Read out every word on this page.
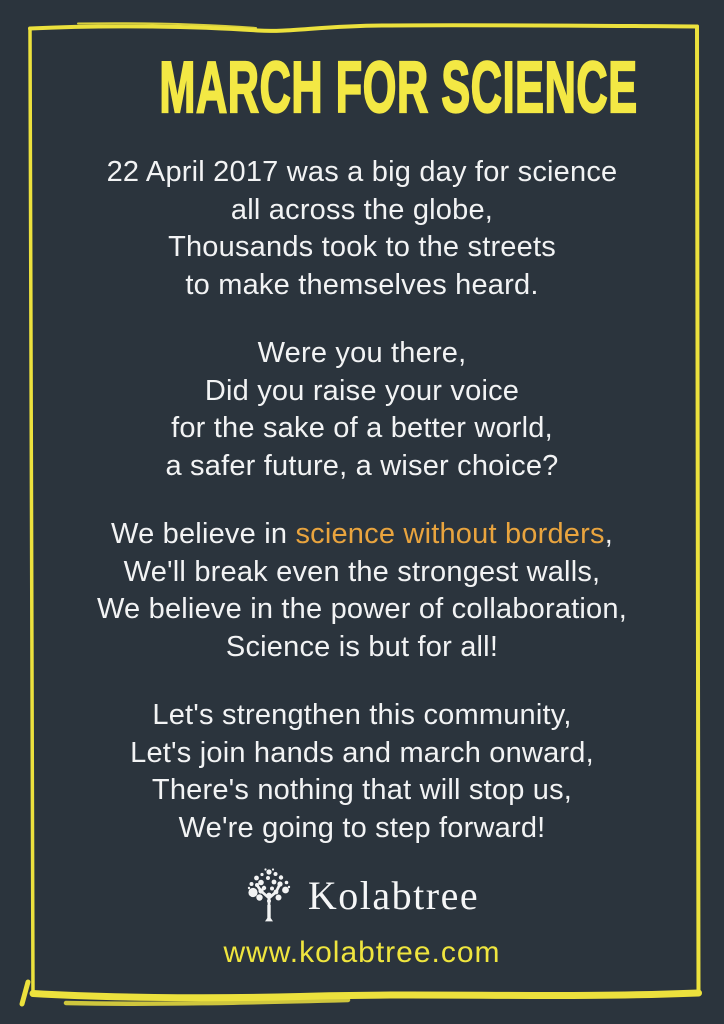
MARCH FOR SCIENCE
22 April 2017 was a big day for science
all across the globe,
Thousands took to the streets
to make themselves heard.
Were you there,
Did you raise your voice
for the sake of a better world,
a safer future, a wiser choice?
We believe in science without borders,
We'll break even the strongest walls,
We believe in the power of collaboration,
Science is but for all!
Let's strengthen this community,
Let's join hands and march onward,
There's nothing that will stop us,
We're going to step forward!
Kolabtree
www.kolabtree.com
